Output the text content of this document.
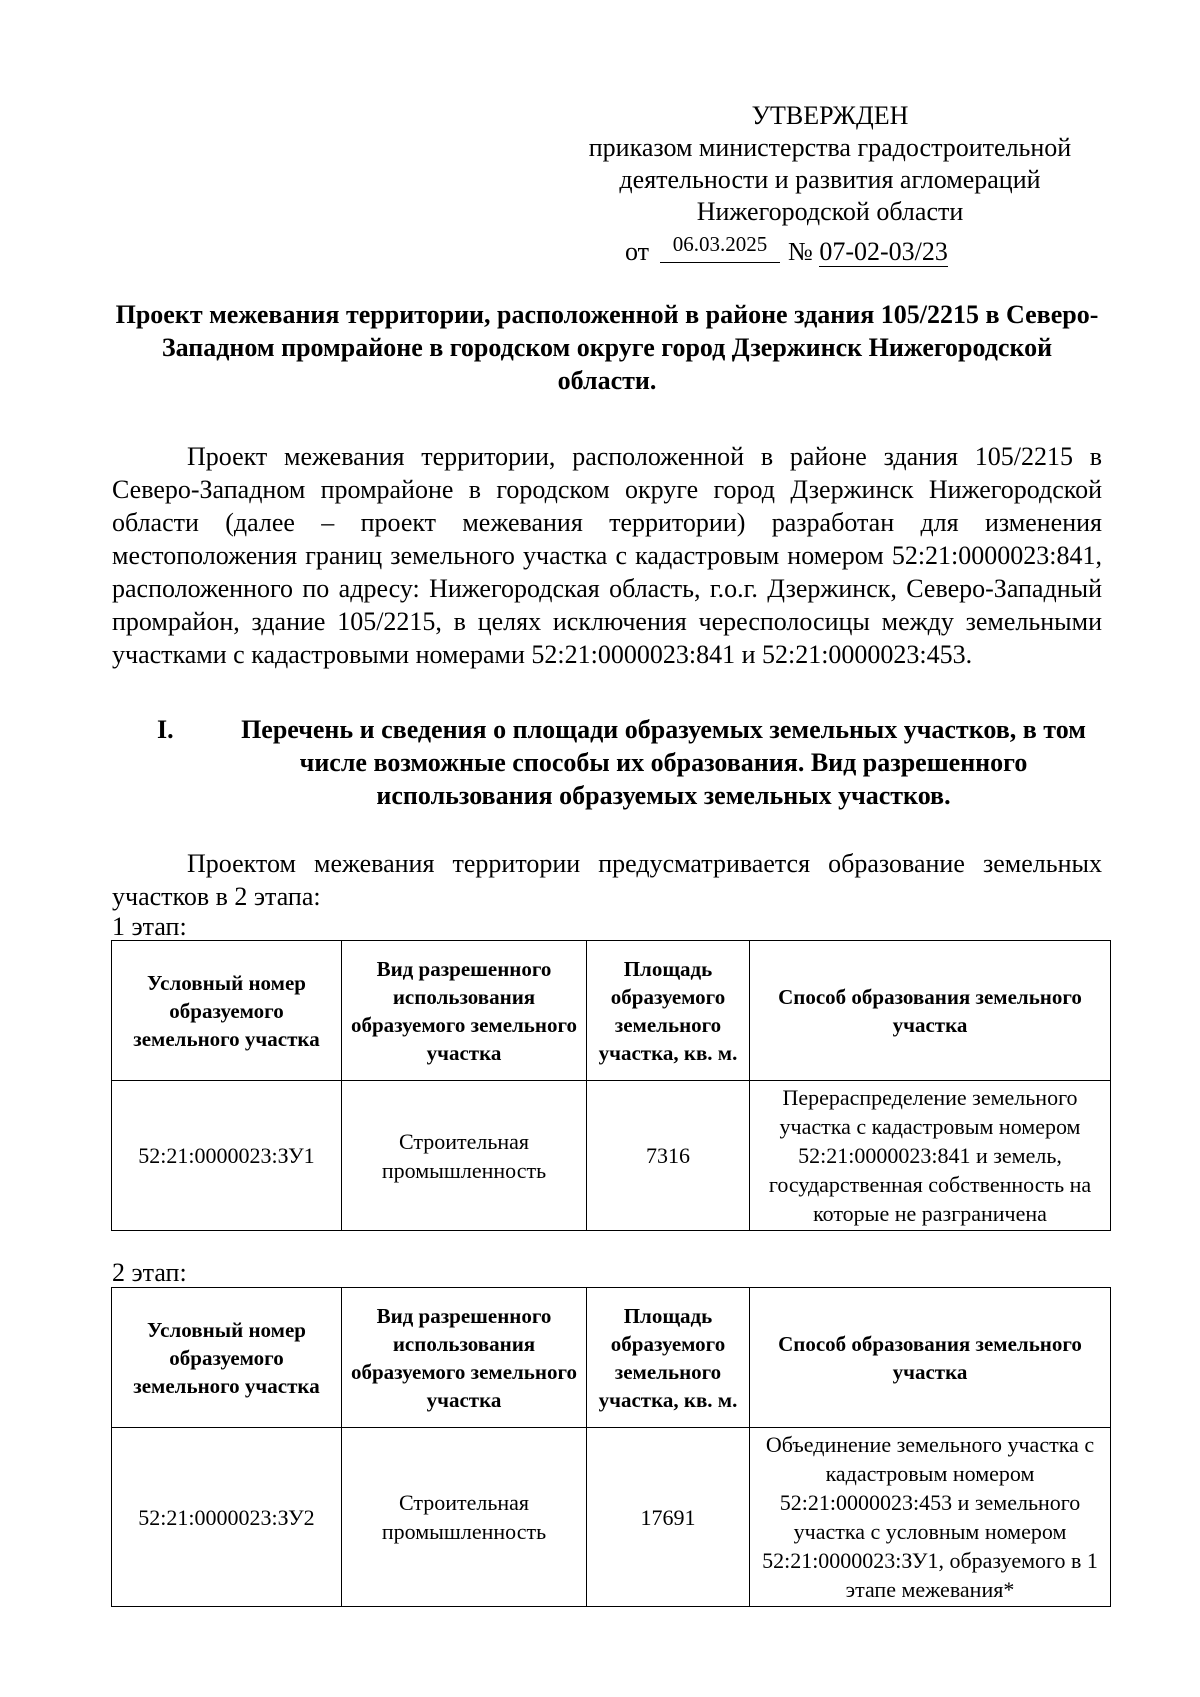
УТВЕРЖДЕН
приказом министерства градостроительной
деятельности и развития агломераций
Нижегородской области
от	06.03.2025 № 07-02-03/23
Проект межевания территории, расположенной в районе здания 105/2215 в Северо-Западном промрайоне в городском округе город Дзержинск Нижегородской области.
Проект межевания территории, расположенной в районе здания 105/2215 в Северо-Западном промрайоне в городском округе город Дзержинск Нижегородской области (далее – проект межевания территории) разработан для изменения местоположения границ земельного участка с кадастровым номером 52:21:0000023:841, расположенного по адресу: Нижегородская область, г.о.г. Дзержинск, Северо-Западный промрайон, здание 105/2215, в целях исключения чересполосицы между земельными участками с кадастровыми номерами 52:21:0000023:841 и 52:21:0000023:453.
I.	Перечень и сведения о площади образуемых земельных участков, в том числе возможные способы их образования. Вид разрешенного использования образуемых земельных участков.
Проектом межевания территории предусматривается образование земельных участков в 2 этапа:
1 этап:
Условный номер образуемого земельного участка	Вид разрешенного использования образуемого земельного участка	Площадь образуемого земельного участка, кв. м.	Способ образования земельного участка
52:21:0000023:ЗУ1	Строительная промышленность	7316	Перераспределение земельного участка с кадастровым номером 52:21:0000023:841 и земель, государственная собственность на которые не разграничена
2 этап:
Условный номер образуемого земельного участка	Вид разрешенного использования образуемого земельного участка	Площадь образуемого земельного участка, кв. м.	Способ образования земельного участка
52:21:0000023:ЗУ2	Строительная промышленность	17691	Объединение земельного участка с кадастровым номером 52:21:0000023:453 и земельного участка с условным номером 52:21:0000023:ЗУ1, образуемого в 1 этапе межевания*
